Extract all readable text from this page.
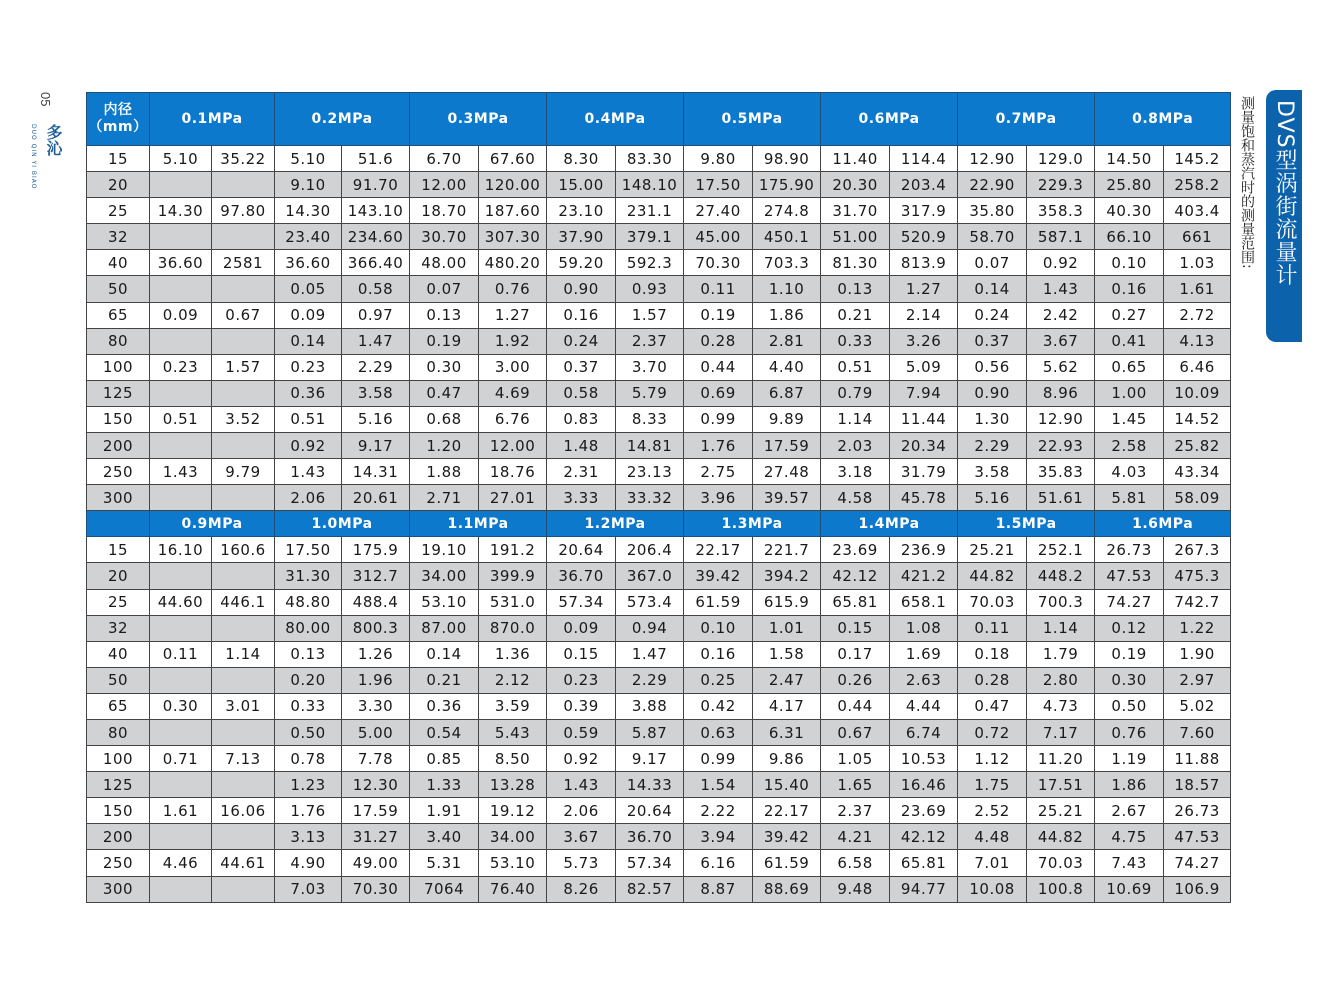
05
多沁
DUO QIN YI BIAO	DVS型涡街流量计
测量饱和蒸汽时的测量范围:
内径
（mm）	0.1MPa		0.2MPa		0.3MPa		0.4MPa		0.5MPa		0.6MPa		0.7MPa		0.8MPa	
15	5.10	35.22	5.10	51.6	6.70	67.60	8.30	83.30	9.80	98.90	11.40	114.4	12.90	129.0	14.50	145.2
20			9.10	91.70	12.00	120.00	15.00	148.10	17.50	175.90	20.30	203.4	22.90	229.3	25.80	258.2
25	14.30	97.80	14.30	143.10	18.70	187.60	23.10	231.1	27.40	274.8	31.70	317.9	35.80	358.3	40.30	403.4
32			23.40	234.60	30.70	307.30	37.90	379.1	45.00	450.1	51.00	520.9	58.70	587.1	66.10	661
40	36.60	2581	36.60	366.40	48.00	480.20	59.20	592.3	70.30	703.3	81.30	813.9	0.07	0.92	0.10	1.03
50			0.05	0.58	0.07	0.76	0.90	0.93	0.11	1.10	0.13	1.27	0.14	1.43	0.16	1.61
65	0.09	0.67	0.09	0.97	0.13	1.27	0.16	1.57	0.19	1.86	0.21	2.14	0.24	2.42	0.27	2.72
80			0.14	1.47	0.19	1.92	0.24	2.37	0.28	2.81	0.33	3.26	0.37	3.67	0.41	4.13
100	0.23	1.57	0.23	2.29	0.30	3.00	0.37	3.70	0.44	4.40	0.51	5.09	0.56	5.62	0.65	6.46
125			0.36	3.58	0.47	4.69	0.58	5.79	0.69	6.87	0.79	7.94	0.90	8.96	1.00	10.09
150	0.51	3.52	0.51	5.16	0.68	6.76	0.83	8.33	0.99	9.89	1.14	11.44	1.30	12.90	1.45	14.52
200			0.92	9.17	1.20	12.00	1.48	14.81	1.76	17.59	2.03	20.34	2.29	22.93	2.58	25.82
250	1.43	9.79	1.43	14.31	1.88	18.76	2.31	23.13	2.75	27.48	3.18	31.79	3.58	35.83	4.03	43.34
300			2.06	20.61	2.71	27.01	3.33	33.32	3.96	39.57	4.58	45.78	5.16	51.61	5.81	58.09
	0.9MPa		1.0MPa		1.1MPa		1.2MPa		1.3MPa		1.4MPa		1.5MPa		1.6MPa	
15	16.10	160.6	17.50	175.9	19.10	191.2	20.64	206.4	22.17	221.7	23.69	236.9	25.21	252.1	26.73	267.3
20			31.30	312.7	34.00	399.9	36.70	367.0	39.42	394.2	42.12	421.2	44.82	448.2	47.53	475.3
25	44.60	446.1	48.80	488.4	53.10	531.0	57.34	573.4	61.59	615.9	65.81	658.1	70.03	700.3	74.27	742.7
32			80.00	800.3	87.00	870.0	0.09	0.94	0.10	1.01	0.15	1.08	0.11	1.14	0.12	1.22
40	0.11	1.14	0.13	1.26	0.14	1.36	0.15	1.47	0.16	1.58	0.17	1.69	0.18	1.79	0.19	1.90
50			0.20	1.96	0.21	2.12	0.23	2.29	0.25	2.47	0.26	2.63	0.28	2.80	0.30	2.97
65	0.30	3.01	0.33	3.30	0.36	3.59	0.39	3.88	0.42	4.17	0.44	4.44	0.47	4.73	0.50	5.02
80			0.50	5.00	0.54	5.43	0.59	5.87	0.63	6.31	0.67	6.74	0.72	7.17	0.76	7.60
100	0.71	7.13	0.78	7.78	0.85	8.50	0.92	9.17	0.99	9.86	1.05	10.53	1.12	11.20	1.19	11.88
125			1.23	12.30	1.33	13.28	1.43	14.33	1.54	15.40	1.65	16.46	1.75	17.51	1.86	18.57
150	1.61	16.06	1.76	17.59	1.91	19.12	2.06	20.64	2.22	22.17	2.37	23.69	2.52	25.21	2.67	26.73
200			3.13	31.27	3.40	34.00	3.67	36.70	3.94	39.42	4.21	42.12	4.48	44.82	4.75	47.53
250	4.46	44.61	4.90	49.00	5.31	53.10	5.73	57.34	6.16	61.59	6.58	65.81	7.01	70.03	7.43	74.27
300			7.03	70.30	7064	76.40	8.26	82.57	8.87	88.69	9.48	94.77	10.08	100.8	10.69	106.9
